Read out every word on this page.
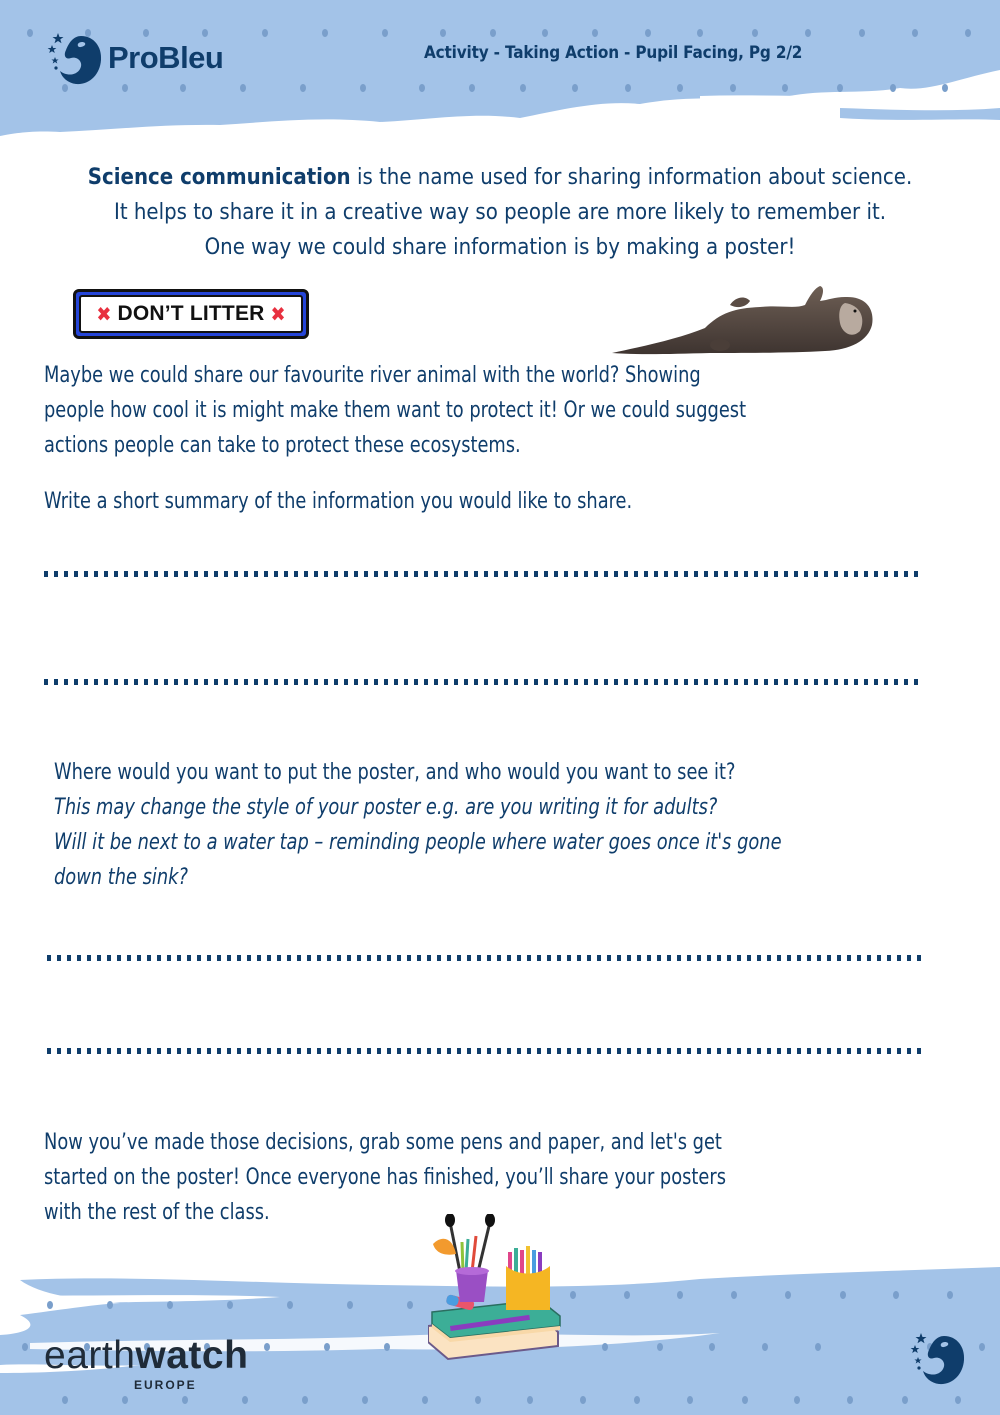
ProBleu	Activity - Taking Action - Pupil Facing, Pg 2/2
Science communication is the name used for sharing information about science.
It helps to share it in a creative way so people are more likely to remember it.
One way we could share information is by making a poster!
✖ DON’T LITTER ✖
Maybe we could share our favourite river animal with the world? Showing
people how cool it is might make them want to protect it! Or we could suggest
actions people can take to protect these ecosystems.
Write a short summary of the information you would like to share.
Where would you want to put the poster, and who would you want to see it?
This may change the style of your poster e.g. are you writing it for adults?
Will it be next to a water tap – reminding people where water goes once it's gone
down the sink?
Now you’ve made those decisions, grab some pens and paper, and let's get
started on the poster! Once everyone has finished, you’ll share your posters
with the rest of the class.
earthwatch
EUROPE
